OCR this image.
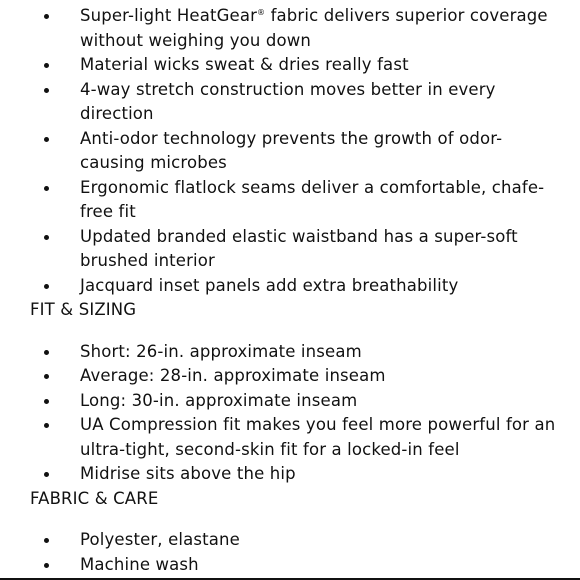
Super-light HeatGear® fabric delivers superior coverage without weighing you down
Material wicks sweat & dries really fast
4-way stretch construction moves better in every direction
Anti-odor technology prevents the growth of odor-causing microbes
Ergonomic flatlock seams deliver a comfortable, chafe-free fit
Updated branded elastic waistband has a super-soft brushed interior
Jacquard inset panels add extra breathability
FIT & SIZING
Short: 26-in. approximate inseam
Average: 28-in. approximate inseam
Long: 30-in. approximate inseam
UA Compression fit makes you feel more powerful for an ultra-tight, second-skin fit for a locked-in feel
Midrise sits above the hip
FABRIC & CARE
Polyester, elastane
Machine wash
